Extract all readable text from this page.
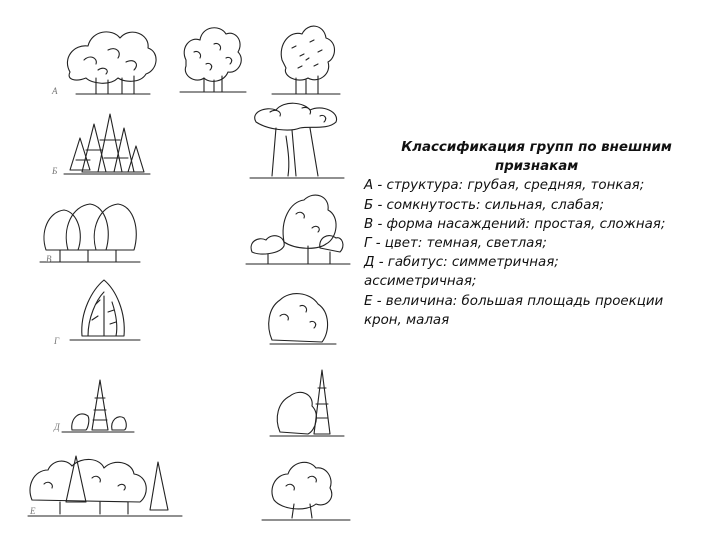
А
Б
В
Г
Д
Е
Классификация групп по внешним
признакам
А - структура: грубая, средняя, тонкая;
Б - сомкнутость: сильная, слабая;
В - форма насаждений: простая, сложная;
Г - цвет: темная, светлая;
Д - габитус: симметричная;
ассиметричная;
Е - величина: большая площадь проекции
крон, малая
